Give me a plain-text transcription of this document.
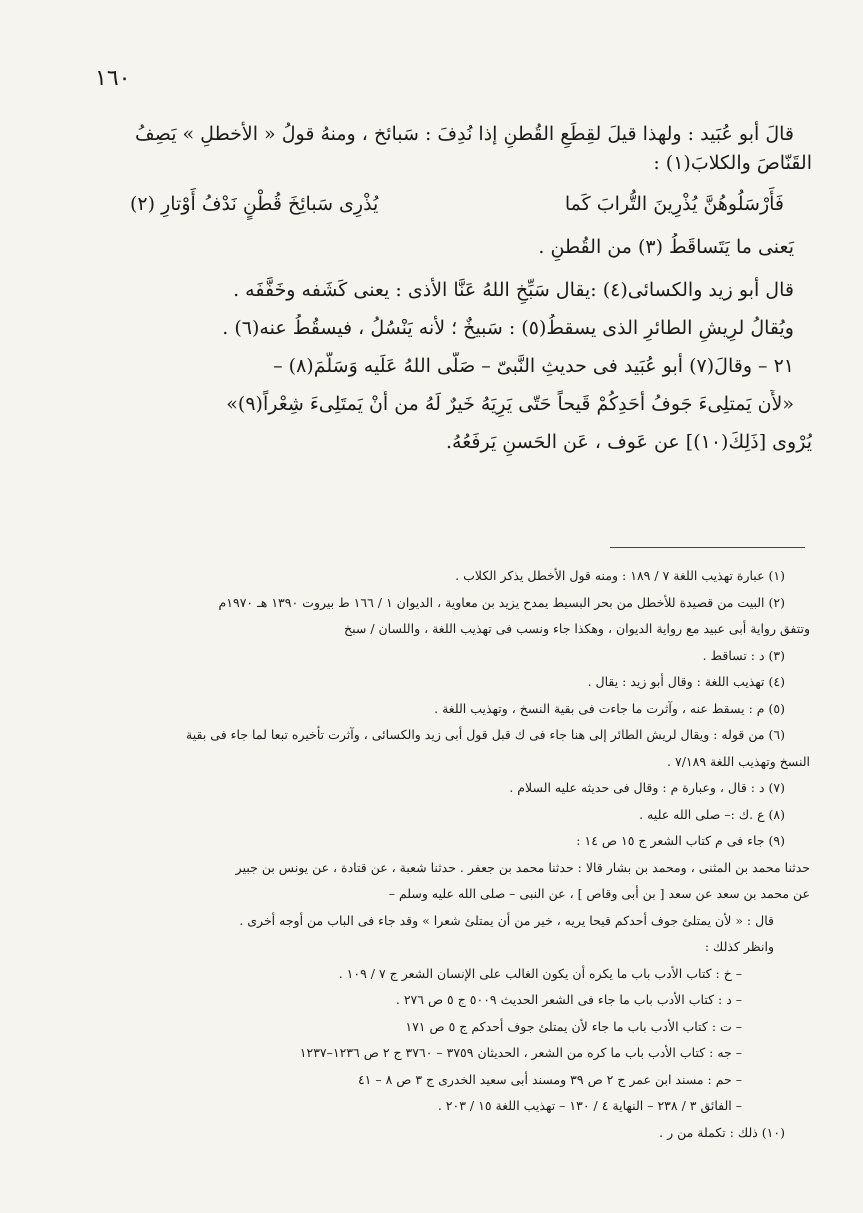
١٦٠
قالَ أبو عُبَيد : ولهذا قيلَ لقِطَعِ القُطنِ إذا نُدِفَ : سَبائخ ، ومنهُ قولُ « الأخطلِ » يَصِفُ
القَنّاصَ والكلابَ(١) :
فَأَرْسَلُوهُنَّ يُذْرِينَ التُّرابَ كَما
يُذْرِى سَبائِخَ قُطْنٍ نَدْفُ أَوْتارِ (٢)
يَعنى ما يَتَساقَطُ (٣) من القُطنِ .
قال أبو زيد والكسائى(٤) :يقال سَبِّخِ اللهُ عَنَّا الأذى : يعنى كَشَفه وخَفَّفَه .
ويُقالُ لرِيشِ الطائرِ الذى يسقطُ(٥) : سَبيخٌ ؛ لأنه يَنْسُلُ ، فيسقُطُ عنه(٦) .
٢١ – وقالَ(٧) أبو عُبَيد فى حديثِ النَّبىّ – صَلَّى اللهُ عَلَيه وَسَلَّمَ(٨) –
«لأَن يَمتلِىءَ جَوفُ أحَدِكُمْ قَيحاً حَتّى يَرِيَهُ خَيرٌ لَهُ من أَنْ يَمتَلِىءَ شِعْراً(٩)»
يُرْوى [ذَلِكَ(١٠)] عن عَوف ، عَن الحَسنِ يَرفَعُهُ.
(١) عبارة تهذيب اللغة ٧ / ١٨٩ : ومنه قول الأخطل يذكر الكلاب .
(٢) البيت من قصيدة للأخطل من بحر البسيط يمدح يزيد بن معاوية ، الديوان ١ / ١٦٦ ط بيروت ١٣٩٠ هـ ١٩٧٠م
وتتفق رواية أبى عبيد مع رواية الديوان ، وهكذا جاء ونسب فى تهذيب اللغة ، واللسان / سبخ
(٣) د : تساقط .
(٤) تهذيب اللغة : وقال أبو زيد : يقال .
(٥) م : يسقط عنه ، وآثرت ما جاءت فى بقية النسخ ، وتهذيب اللغة .
(٦) من قوله : ويقال لريش الطائر إلى هنا جاء فى ك قبل قول أبى زيد والكسائى ، وآثرت تأخيره تبعا لما جاء فى بقية
النسخ وتهذيب اللغة ٧/١٨٩ .
(٧) د : قال ، وعبارة م : وقال فى حديثه عليه السلام .
(٨) ع .ك :– صلى الله عليه .
(٩) جاء فى م كتاب الشعر ج ١٥ ص ١٤ :
حدثنا محمد بن المثنى ، ومحمد بن بشار قالا : حدثنا محمد بن جعفر . حدثنا شعبة ، عن قتادة ، عن يونس بن جبير
عن محمد بن سعد عن سعد [ بن أبى وقاص ] ، عن النبى – صلى الله عليه وسلم –
قال : « لأن يمتلئ جوف أحدكم قيحا يريه ، خير من أن يمتلئ شعرا » وقد جاء فى الباب من أوجه أخرى .
وانظر كذلك :
– خ : كتاب الأدب باب ما يكره أن يكون الغالب على الإنسان الشعر ج ٧ / ١٠٩ .
– د : كتاب الأدب باب ما جاء فى الشعر الحديث ٥٠٠٩ ج ٥ ص ٢٧٦ .
– ت : كتاب الأدب باب ما جاء لأن يمتلئ جوف أحدكم ج ٥ ص ١٧١
– جه : كتاب الأدب باب ما كره من الشعر ، الحديثان ٣٧٥٩ – ٣٧٦٠ ج ٢ ص ١٢٣٦–١٢٣٧
– حم : مسند ابن عمر ج ٢ ص ٣٩ ومسند أبى سعيد الخدرى ج ٣ ص ٨ – ٤١
– الفائق ٣ / ٢٣٨ – النهاية ٤ / ١٣٠ – تهذيب اللغة ١٥ / ٢٠٣ .
(١٠) ذلك : تكملة من ر .
